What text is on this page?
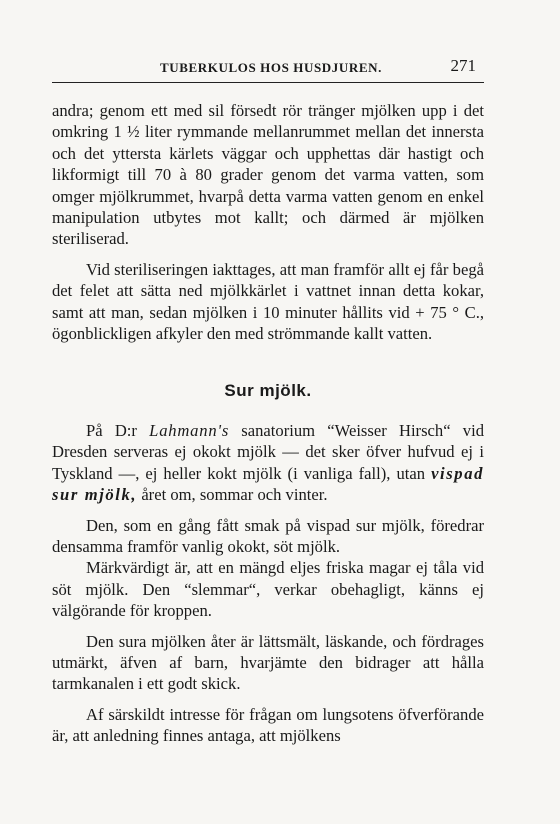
TUBERKULOS HOS HUSDJUREN.	271

andra; genom ett med sil försedt rör tränger mjölken upp i det omkring 1 ½ liter rymmande mellanrummet mellan det innersta och det yttersta kärlets väggar och upphettas där hastigt och likformigt till 70 à 80 grader genom det varma vatten, som omger mjölkrummet, hvarpå detta varma vatten genom en enkel manipulation utbytes mot kallt; och därmed är mjölken steriliserad.

Vid steriliseringen iakttages, att man framför allt ej får begå det felet att sätta ned mjölkkärlet i vattnet innan detta kokar, samt att man, sedan mjölken i 10 minuter hållits vid + 75 ° C., ögonblickligen afkyler den med strömmande kallt vatten.

Sur mjölk.

På D:r Lahmann's sanatorium “Weisser Hirsch“ vid Dresden serveras ej okokt mjölk — det sker öfver hufvud ej i Tyskland —, ej heller kokt mjölk (i vanliga fall), utan vispad sur mjölk, året om, sommar och vinter.

Den, som en gång fått smak på vispad sur mjölk, föredrar densamma framför vanlig okokt, söt mjölk.

Märkvärdigt är, att en mängd eljes friska magar ej tåla vid söt mjölk. Den “slemmar“, verkar obehagligt, känns ej välgörande för kroppen.

Den sura mjölken åter är lättsmält, läskande, och fördrages utmärkt, äfven af barn, hvarjämte den bidrager att hålla tarmkanalen i ett godt skick.

Af särskildt intresse för frågan om lungsotens öfverförande är, att anledning finnes antaga, att mjölkens
